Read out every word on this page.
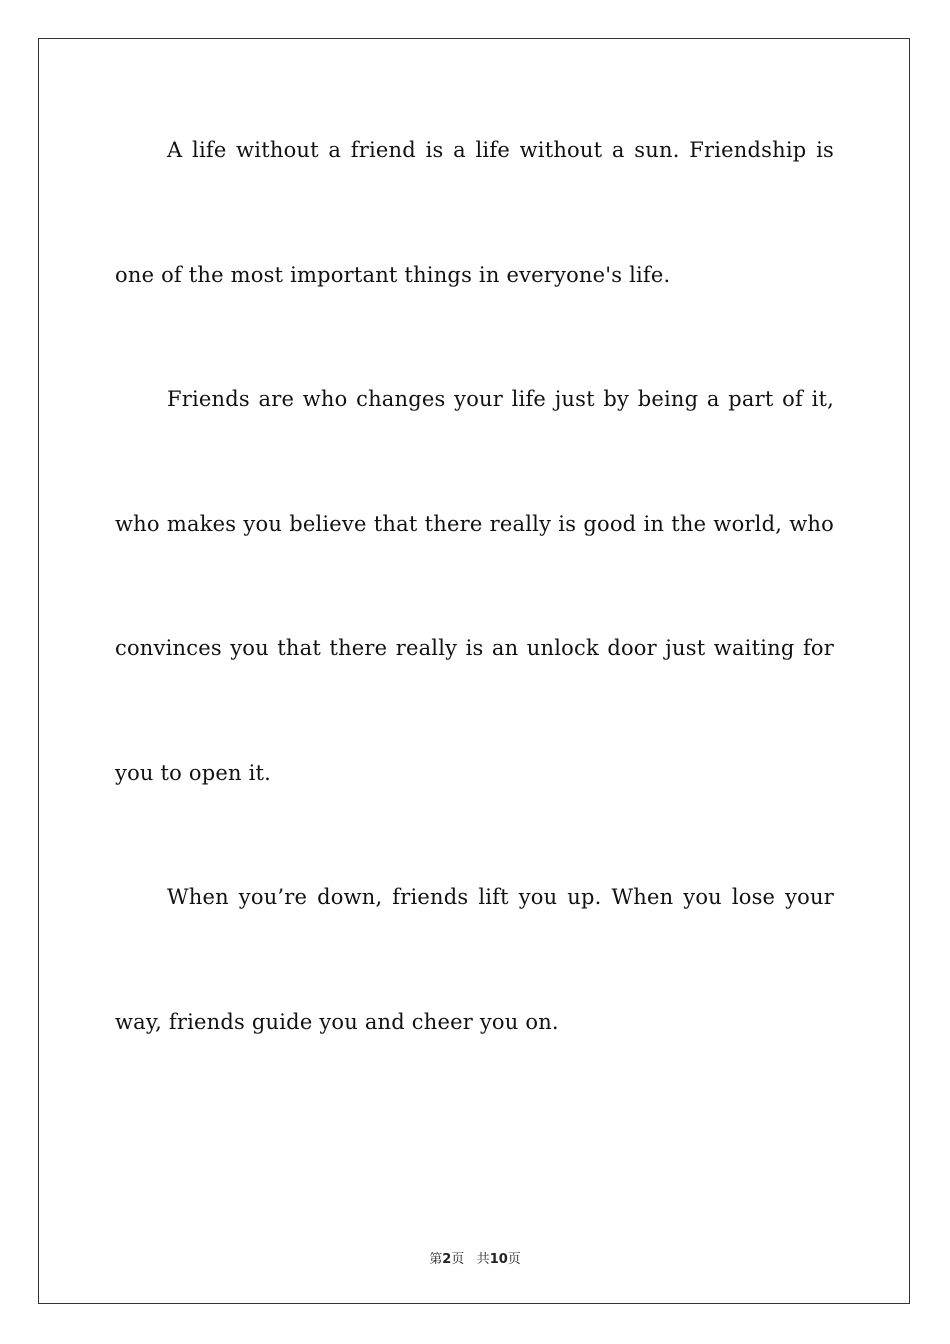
A life without a friend is a life without a sun. Friendship is one of the most important things in everyone's life.

Friends are who changes your life just by being a part of it, who makes you believe that there really is good in the world, who convinces you that there really is an unlock door just waiting for you to open it.

When you’re down, friends lift you up. When you lose your way, friends guide you and cheer you on.

第2页 共10页
